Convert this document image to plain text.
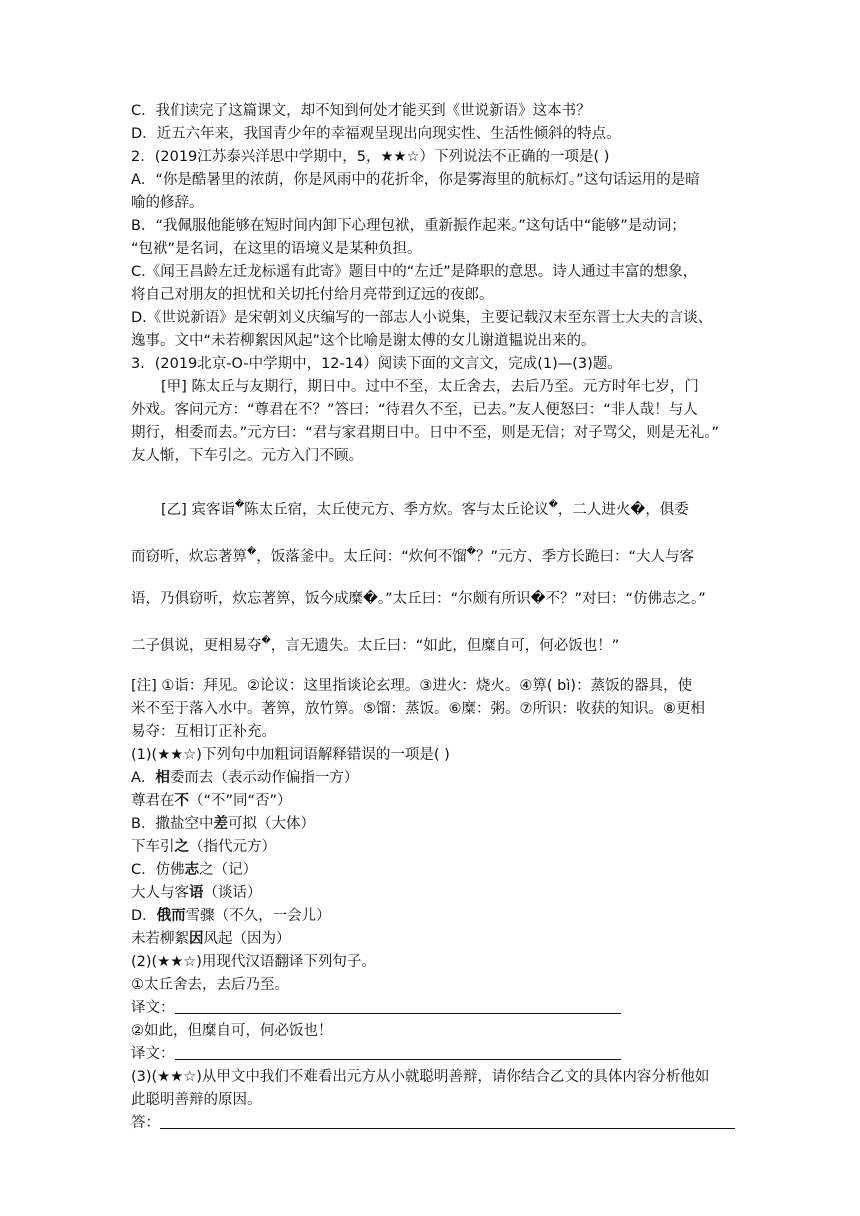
C．我们读完了这篇课文，却不知到何处才能买到《世说新语》这本书？
D．近五六年来，我国青少年的幸福观呈现出向现实性、生活性倾斜的特点。
2．(2019江苏泰兴洋思中学期中，5，★★☆）下列说法不正确的一项是( )
A．“你是酷暑里的浓荫，你是风雨中的花折伞，你是雾海里的航标灯。”这句话运用的是暗
喻的修辞。
B．“我佩服他能够在短时间内卸下心理包袱，重新振作起来。”这句话中“能够”是动词；
“包袱”是名词，在这里的语境义是某种负担。
C.《闻王昌龄左迁龙标遥有此寄》题目中的“左迁”是降职的意思。诗人通过丰富的想象，
将自己对朋友的担忧和关切托付给月亮带到辽远的夜郎。
D.《世说新语》是宋朝刘义庆编写的一部志人小说集，主要记载汉末至东晋士大夫的言谈、
逸事。文中“未若柳絮因风起”这个比喻是谢太傅的女儿谢道韫说出来的。
3．(2019北京-O-中学期中，12-14）阅读下面的文言文，完成(1)—(3)题。
[甲] 陈太丘与友期行，期日中。过中不至，太丘舍去，去后乃至。元方时年七岁，门
外戏。客问元方：“尊君在不？”答曰：“待君久不至，已去。”友人便怒曰：“非人哉！与人
期行，相委而去。”元方曰：“君与家君期日中。日中不至，则是无信；对子骂父，则是无礼。”
友人惭，下车引之。元方入门不顾。
[乙] 宾客诣�陈太丘宿，太丘使元方、季方炊。客与太丘论议�，二人进火�，俱委
而窃听，炊忘著箅�，饭落釜中。太丘问：“炊何不馏�？”元方、季方长跪曰：“大人与客
语，乃俱窃听，炊忘著箅，饭今成糜�。”太丘曰：“尔颇有所识�不？”对曰：“仿佛志之。”
二子俱说，更相易夺�，言无遗失。太丘曰：“如此，但糜自可，何必饭也！”
[注] ①诣：拜见。②论议：这里指谈论玄理。③进火：烧火。④箅( bì)：蒸饭的器具，使
米不至于落入水中。著箅，放竹箅。⑤馏：蒸饭。⑥糜：粥。⑦所识：收获的知识。⑧更相
易夺：互相订正补充。
(1)(★★☆)下列句中加粗词语解释错误的一项是( )
A．相委而去（表示动作偏指一方）
尊君在不（“不”同“否”）
B．撒盐空中差可拟（大体）
下车引之（指代元方）
C．仿佛志之（记）
大人与客语（谈话）
D．俄而雪骤（不久，一会儿）
未若柳絮因风起（因为）
(2)(★★☆)用现代汉语翻译下列句子。
①太丘舍去，去后乃至。
译文：
②如此，但糜自可，何必饭也！
译文：
(3)(★★☆)从甲文中我们不难看出元方从小就聪明善辩，请你结合乙文的具体内容分析他如
此聪明善辩的原因。
答：
